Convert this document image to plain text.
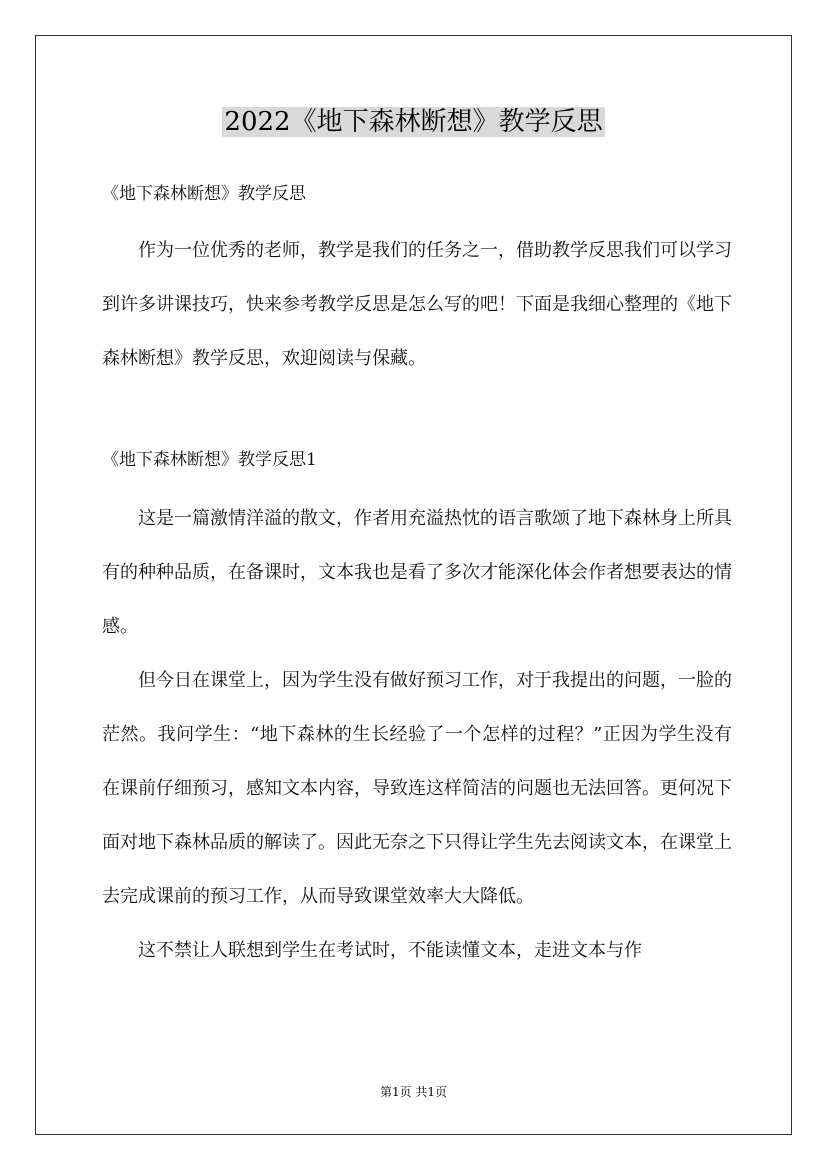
2022《地下森林断想》教学反思

《地下森林断想》教学反思

作为一位优秀的老师，教学是我们的任务之一，借助教学反思我们可以学习到许多讲课技巧，快来参考教学反思是怎么写的吧！下面是我细心整理的《地下森林断想》教学反思，欢迎阅读与保藏。

《地下森林断想》教学反思1

这是一篇激情洋溢的散文，作者用充溢热忱的语言歌颂了地下森林身上所具有的种种品质，在备课时，文本我也是看了多次才能深化体会作者想要表达的情感。

但今日在课堂上，因为学生没有做好预习工作，对于我提出的问题，一脸的茫然。我问学生：“地下森林的生长经验了一个怎样的过程？”正因为学生没有在课前仔细预习，感知文本内容，导致连这样简洁的问题也无法回答。更何况下面对地下森林品质的解读了。因此无奈之下只得让学生先去阅读文本，在课堂上去完成课前的预习工作，从而导致课堂效率大大降低。

这不禁让人联想到学生在考试时，不能读懂文本，走进文本与作

第1页 共1页
